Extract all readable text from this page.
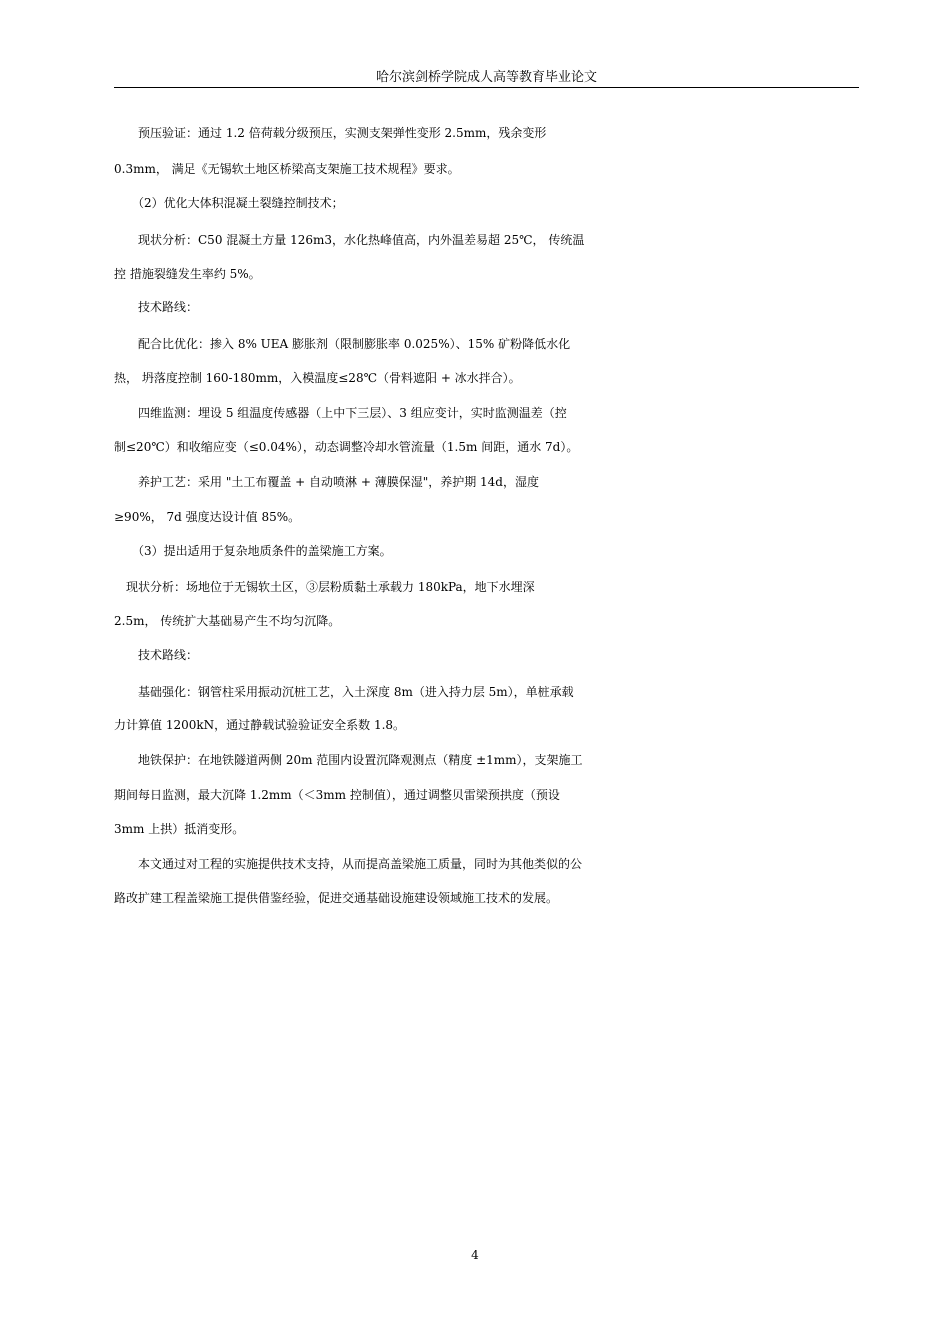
哈尔滨剑桥学院成人高等教育毕业论文
　　预压验证：通过 1.2 倍荷载分级预压，实测支架弹性变形 2.5mm，残余变形
0.3mm， 满足《无锡软土地区桥梁高支架施工技术规程》要求。
　　（2）优化大体积混凝土裂缝控制技术；
　　现状分析：C50 混凝土方量 126m3，水化热峰值高，内外温差易超 25℃， 传统温
控 措施裂缝发生率约 5%。
　　技术路线：
　　配合比优化：掺入 8% UEA 膨胀剂（限制膨胀率 0.025%）、15% 矿粉降低水化
热， 坍落度控制 160-180mm，入模温度≤28℃（骨料遮阳 + 冰水拌合）。
　　四维监测：埋设 5 组温度传感器（上中下三层）、3 组应变计，实时监测温差（控
制≤20℃）和收缩应变（≤0.04%），动态调整冷却水管流量（1.5m 间距，通水 7d）。
　　养护工艺：采用 "土工布覆盖 + 自动喷淋 + 薄膜保湿"，养护期 14d，湿度
≥90%， 7d 强度达设计值 85%。
　　（3）提出适用于复杂地质条件的盖梁施工方案。
　现状分析：场地位于无锡软土区，③层粉质黏土承载力 180kPa，地下水埋深
2.5m， 传统扩大基础易产生不均匀沉降。
　　技术路线：
　　基础强化：钢管柱采用振动沉桩工艺，入土深度 8m（进入持力层 5m），单桩承载
力计算值 1200kN，通过静载试验验证安全系数 1.8。
　　地铁保护：在地铁隧道两侧 20m 范围内设置沉降观测点（精度 ±1mm），支架施工
期间每日监测，最大沉降 1.2mm（＜3mm 控制值），通过调整贝雷梁预拱度（预设
3mm 上拱）抵消变形。
　　本文通过对工程的实施提供技术支持，从而提高盖梁施工质量，同时为其他类似的公
路改扩建工程盖梁施工提供借鉴经验，促进交通基础设施建设领域施工技术的发展。
4
